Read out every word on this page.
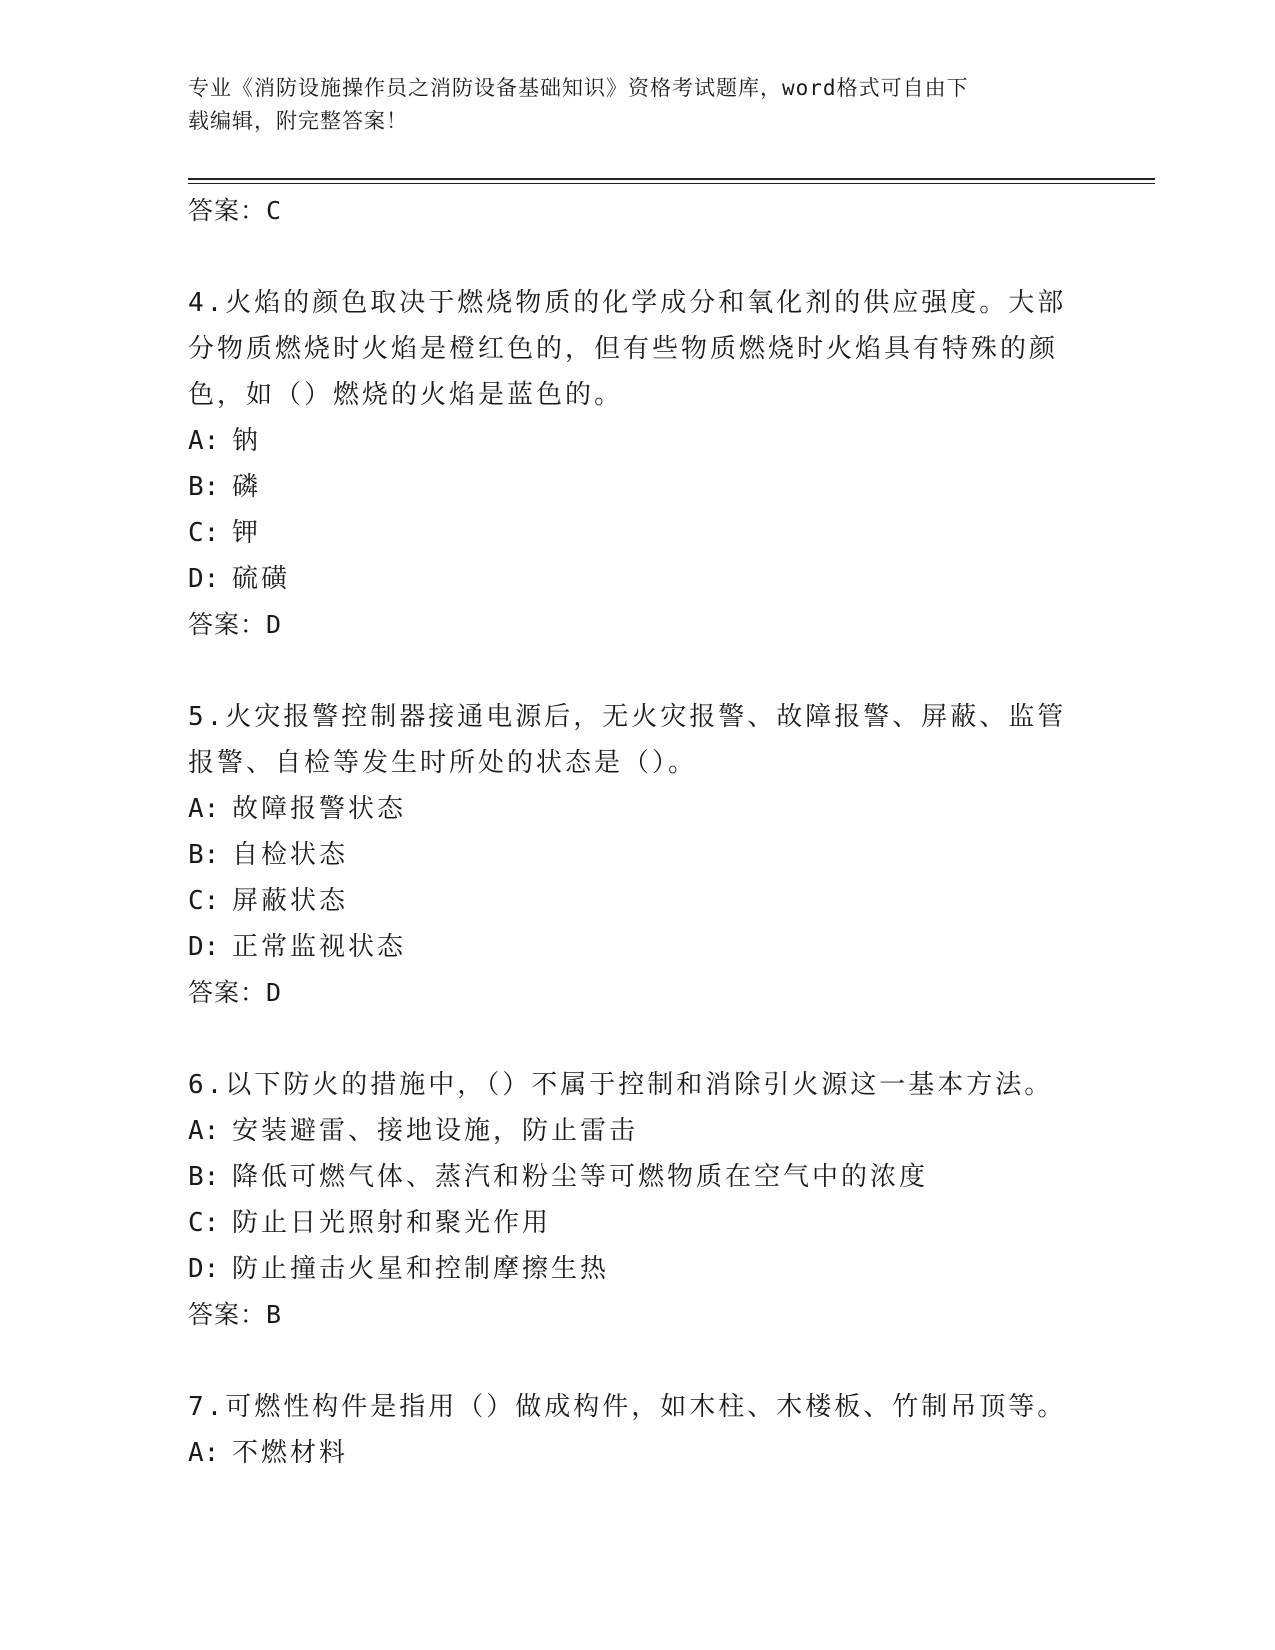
专业《消防设施操作员之消防设备基础知识》资格考试题库，word格式可自由下
载编辑，附完整答案！

答案：C

4.火焰的颜色取决于燃烧物质的化学成分和氧化剂的供应强度。大部分物质燃烧时火焰是橙红色的，但有些物质燃烧时火焰具有特殊的颜色，如（）燃烧的火焰是蓝色的。

A: 钠

B: 磷

C: 钾

D: 硫磺

答案：D

5.火灾报警控制器接通电源后，无火灾报警、故障报警、屏蔽、监管报警、自检等发生时所处的状态是（）。

A: 故障报警状态

B: 自检状态

C: 屏蔽状态

D: 正常监视状态

答案：D

6.以下防火的措施中，（）不属于控制和消除引火源这一基本方法。

A: 安装避雷、接地设施，防止雷击

B: 降低可燃气体、蒸汽和粉尘等可燃物质在空气中的浓度

C: 防止日光照射和聚光作用

D: 防止撞击火星和控制摩擦生热

答案：B

7.可燃性构件是指用（）做成构件，如木柱、木楼板、竹制吊顶等。

A: 不燃材料
